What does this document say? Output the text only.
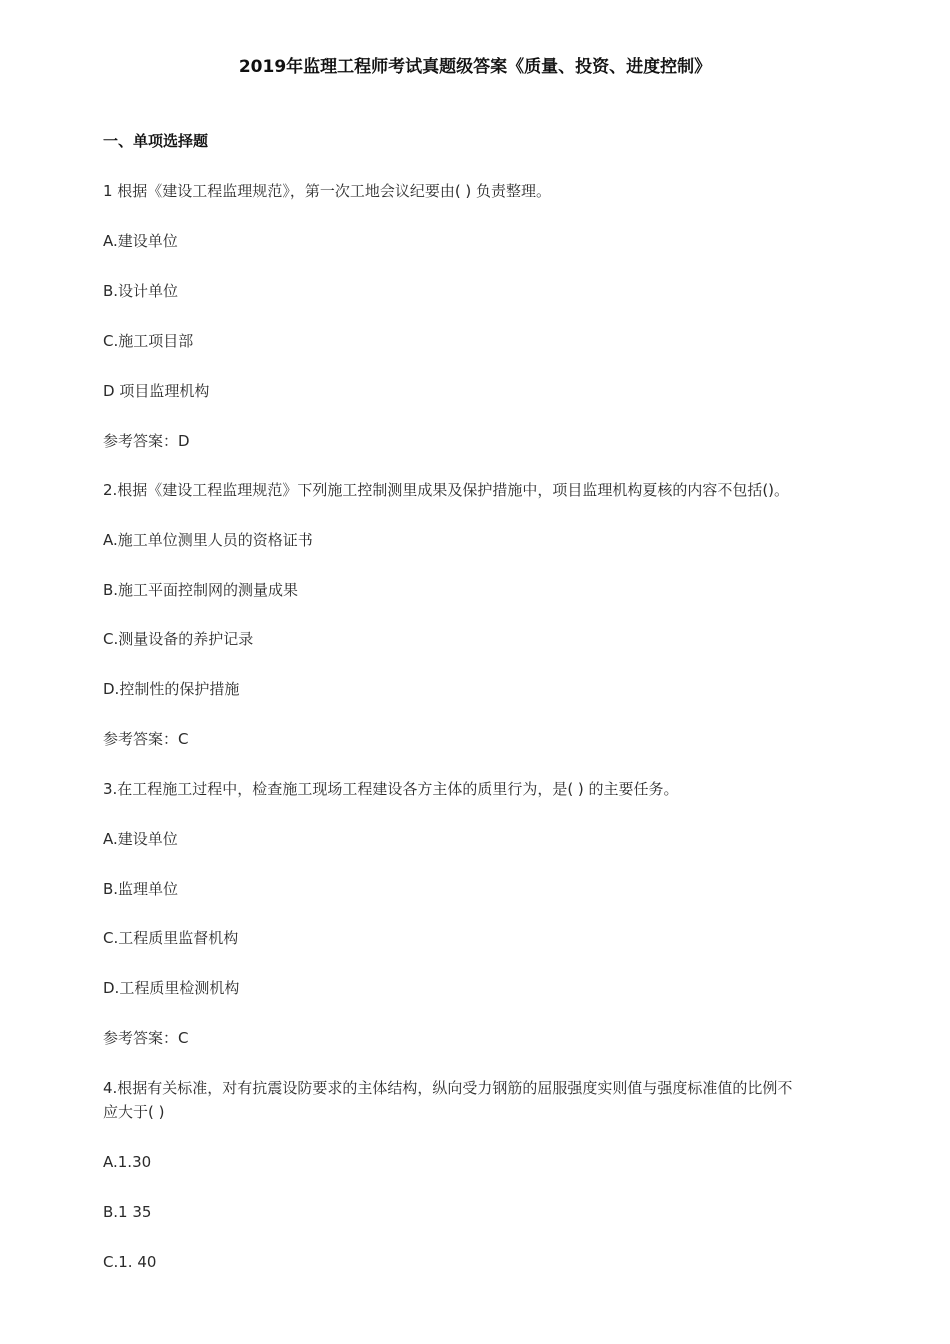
2019年监理工程师考试真题级答案《质量、投资、进度控制》
一、单项选择题
1 根据《建设工程监理规范》，第一次工地会议纪要由( ) 负责整理。
A.建设单位
B.设计单位
C.施工项目部
D 项目监理机构
参考答案：D
2.根据《建设工程监理规范》下列施工控制测里成果及保护措施中，项目监理机构夏核的内容不包括()。
A.施工单位测里人员的资格证书
B.施工平面控制网的测量成果
C.测量设备的养护记录
D.控制性的保护措施
参考答案：C
3.在工程施工过程中，检查施工现场工程建设各方主体的质里行为，是( ) 的主要任务。
A.建设单位
B.监理单位
C.工程质里监督机构
D.工程质里检测机构
参考答案：C
4.根据有关标准，对有抗震设防要求的主体结构，纵向受力钢筋的屈服强度实则值与强度标准值的比例不
应大于( )
A.1.30
B.1 35
C.1. 40
